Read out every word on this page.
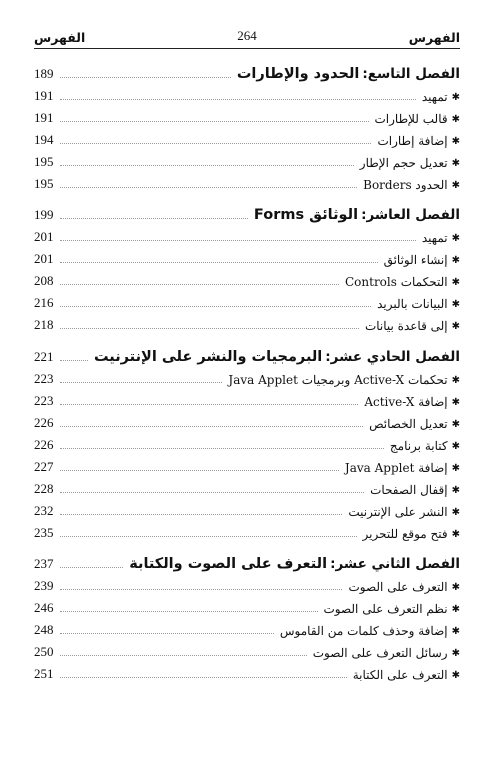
الفهرس	264	الفهرس
الفصل التاسع:
الحدود والإطارات
189
✱
تمهيد
191
✱
قالب للإطارات
191
✱
إضافة إطارات
194
✱
تعديل حجم الإطار
195
✱
الحدود Borders
195
الفصل العاشر:
الوثائق Forms
199
✱
تمهيد
201
✱
إنشاء الوثائق
201
✱
التحكمات Controls
208
✱
البيانات بالبريد
216
✱
إلى قاعدة بيانات
218
الفصل الحادي عشر:
البرمجيات والنشر على الإنترنيت
221
✱
تحكمات Active-X وبرمجيات Java Applet
223
✱
إضافة Active-X
223
✱
تعديل الخصائص
226
✱
كتابة برنامج
226
✱
إضافة Java Applet
227
✱
إقفال الصفحات
228
✱
النشر على الإنترنيت
232
✱
فتح موقع للتحرير
235
الفصل الثاني عشر:
التعرف على الصوت والكتابة
237
✱
التعرف على الصوت
239
✱
نظم التعرف على الصوت
246
✱
إضافة وحذف كلمات من القاموس
248
✱
رسائل التعرف على الصوت
250
✱
التعرف على الكتابة
251
